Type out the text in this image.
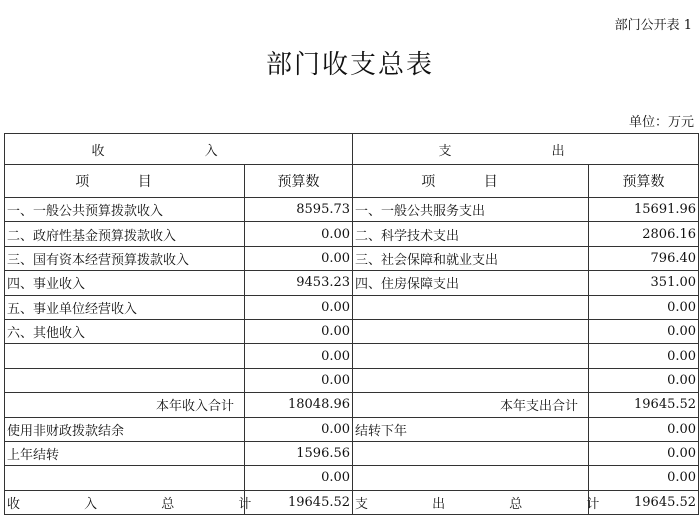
部门公开表 1
部门收支总表
单位：万元
收 入		支 出	
项 目	预算数	项 目	预算数
一、一般公共预算拨款收入	8595.73	一、一般公共服务支出	15691.96
二、政府性基金预算拨款收入	0.00	二、科学技术支出	2806.16
三、国有资本经营预算拨款收入	0.00	三、社会保障和就业支出	796.40
四、事业收入	9453.23	四、住房保障支出	351.00
五、事业单位经营收入	0.00		0.00
六、其他收入	0.00		0.00
	0.00		0.00
	0.00		0.00
本年收入合计	18048.96	本年支出合计	19645.52
使用非财政拨款结余	0.00	结转下年	0.00
上年结转	1596.56		0.00
	0.00		0.00
收 入 总 计	19645.52	支 出 总 计	19645.52
